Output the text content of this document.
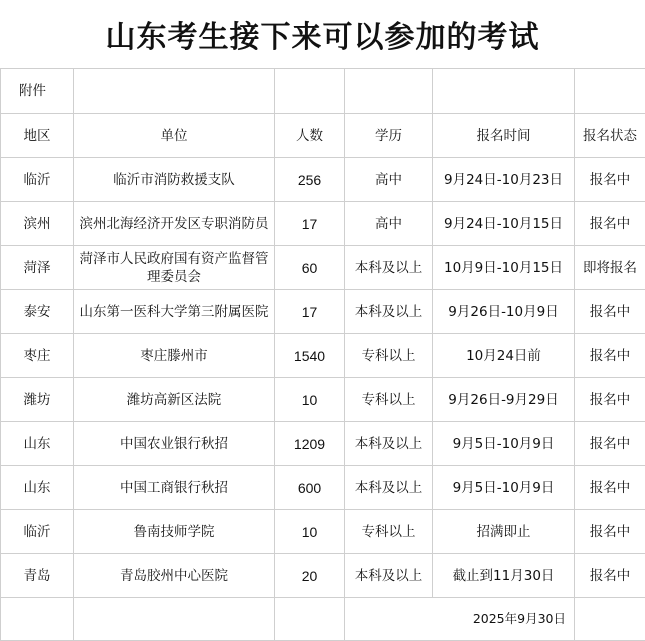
山东考生接下来可以参加的考试
附件					
地区	单位	人数	学历	报名时间	报名状态
临沂	临沂市消防救援支队	256	高中	9月24日-10月23日	报名中
滨州	滨州北海经济开发区专职消防员	17	高中	9月24日-10月15日	报名中
菏泽	菏泽市人民政府国有资产监督管理委员会	60	本科及以上	10月9日-10月15日	即将报名
泰安	山东第一医科大学第三附属医院	17	本科及以上	9月26日-10月9日	报名中
枣庄	枣庄滕州市	1540	专科以上	10月24日前	报名中
潍坊	潍坊高新区法院	10	专科以上	9月26日-9月29日	报名中
山东	中国农业银行秋招	1209	本科及以上	9月5日-10月9日	报名中
山东	中国工商银行秋招	600	本科及以上	9月5日-10月9日	报名中
临沂	鲁南技师学院	10	专科以上	招满即止	报名中
青岛	青岛胶州中心医院	20	本科及以上	截止到11月30日	报名中
			2025年9月30日		
